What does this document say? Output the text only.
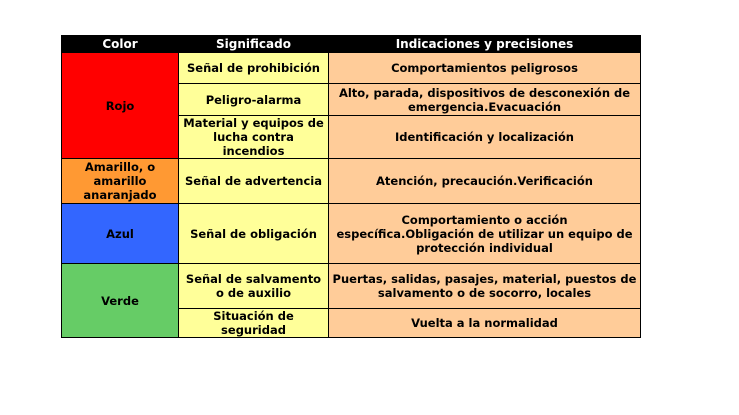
Color	Significado	Indicaciones y precisiones
Rojo	Señal de prohibición	Comportamientos peligrosos
	Peligro-alarma	Alto, parada, dispositivos de desconexión de emergencia.Evacuación
	Material y equipos de lucha contra incendios	Identificación y localización
Amarillo, o amarillo anaranjado	Señal de advertencia	Atención, precaución.Verificación
Azul	Señal de obligación	Comportamiento o acción específica.Obligación de utilizar un equipo de protección individual
Verde	Señal de salvamento o de auxilio	Puertas, salidas, pasajes, material, puestos de salvamento o de socorro, locales
	Situación de seguridad	Vuelta a la normalidad
